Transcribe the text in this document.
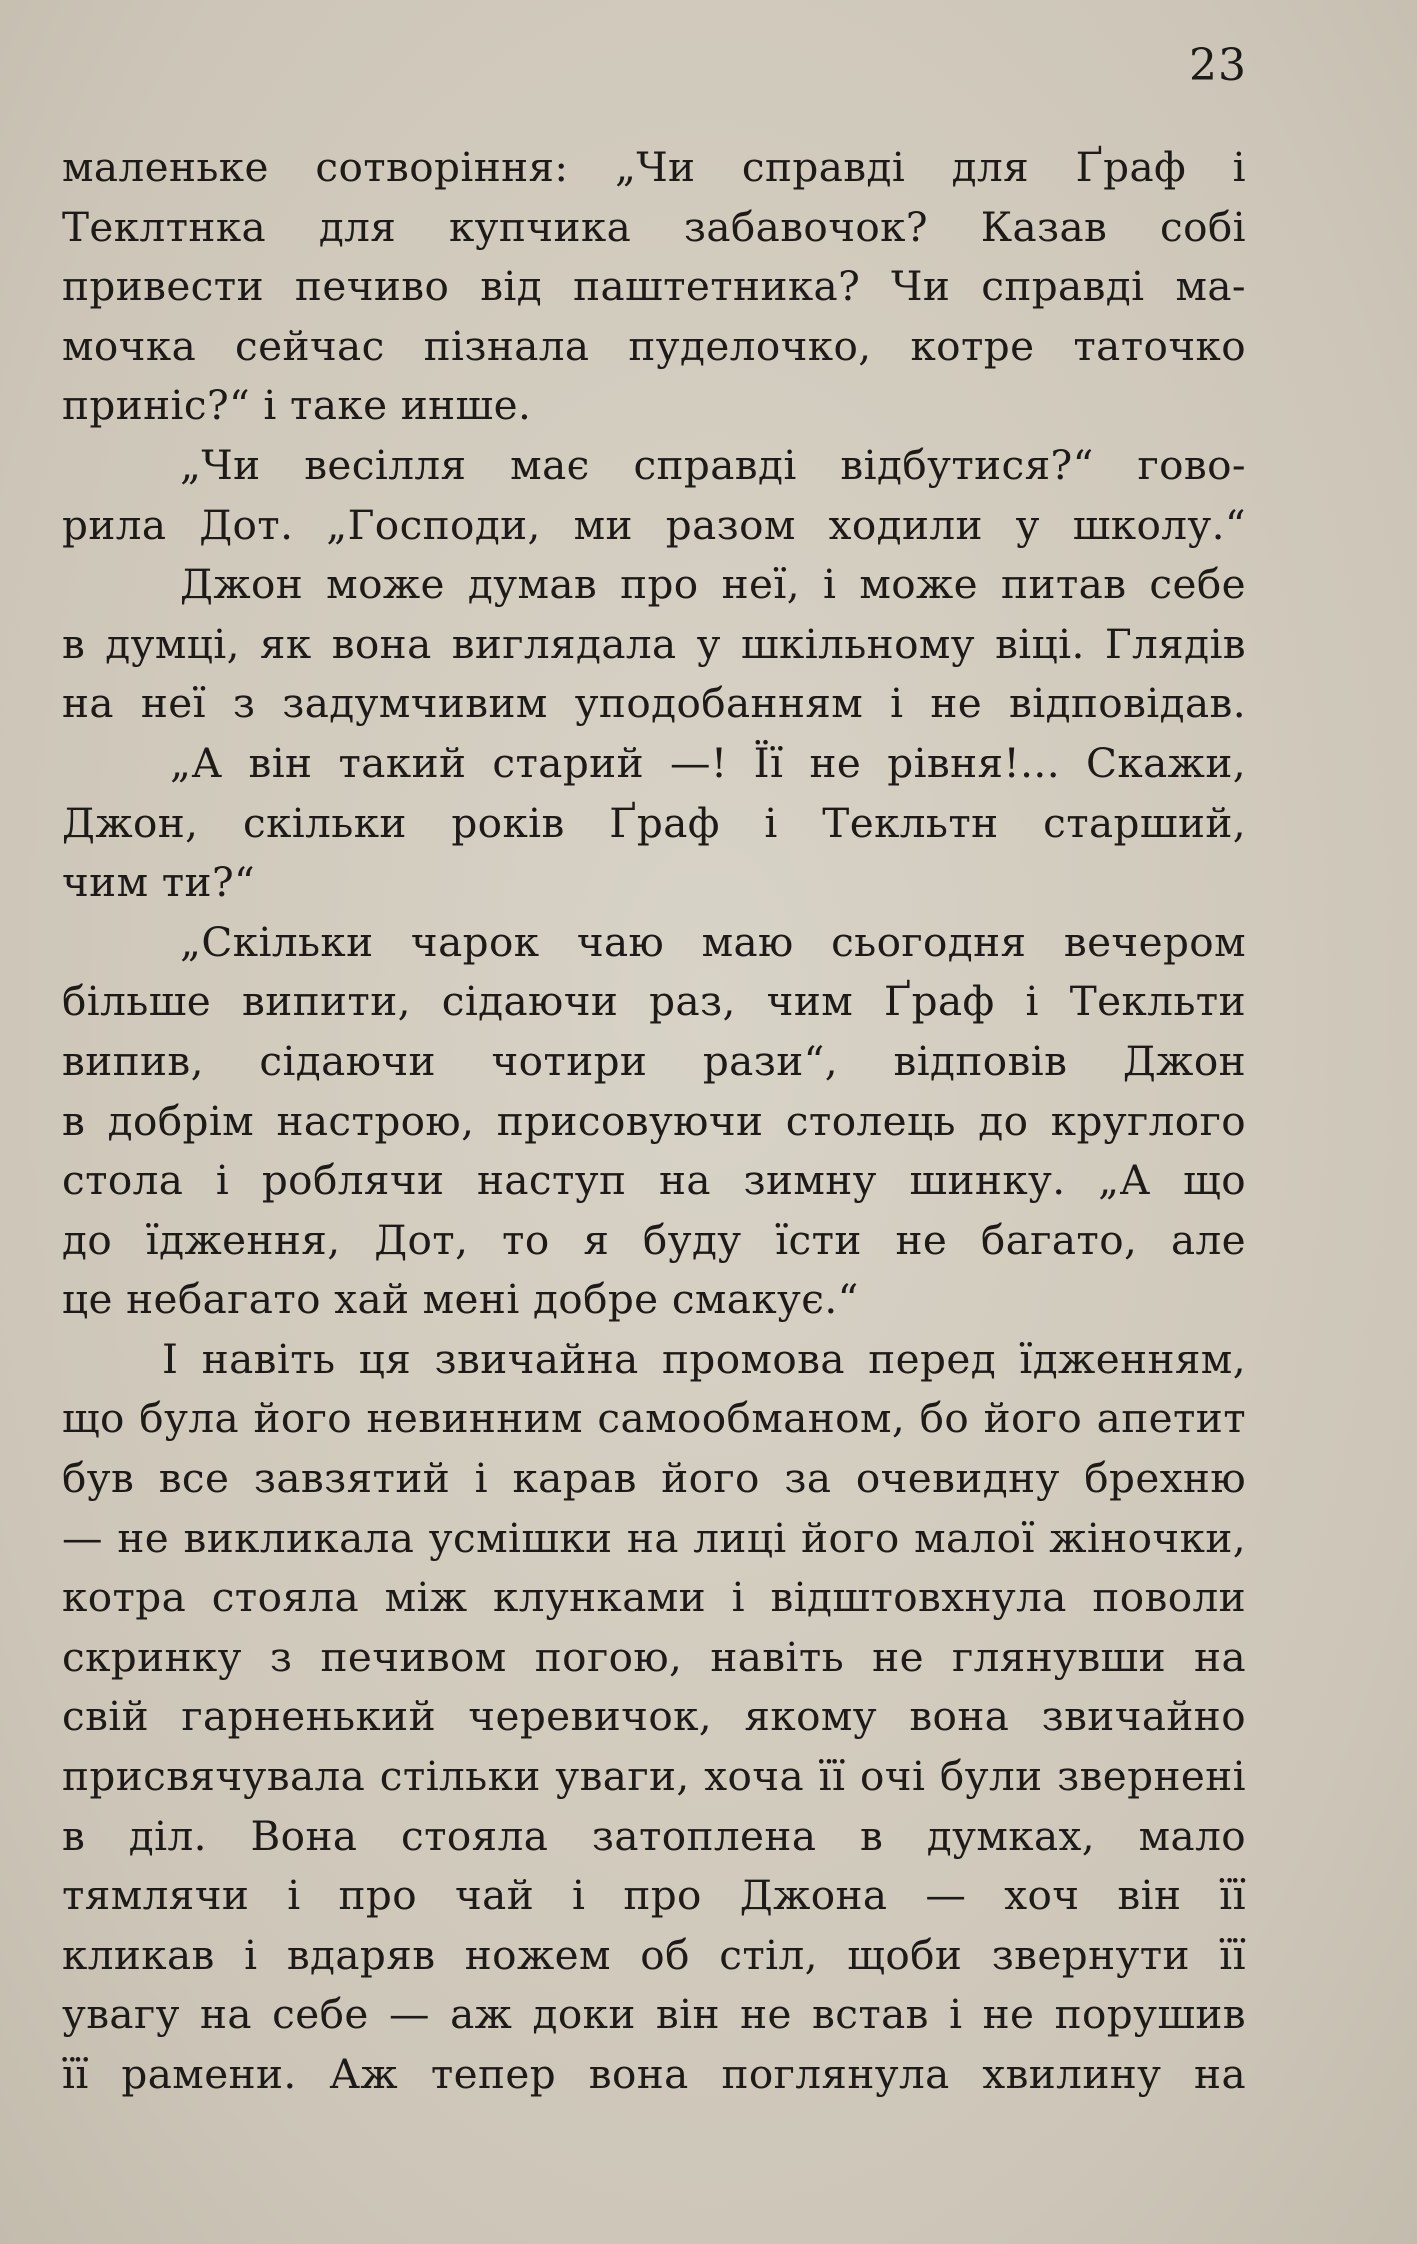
23
маленьке сотворіння: „Чи справді для Ґраф і
Теклтнка для купчика забавочок? Казав собі
привести печиво від паштетника? Чи справді ма-
мочка сейчас пізнала пуделочко, котре таточко
приніс?“ і таке инше.
„Чи весілля має справді відбутися?“ гово-
рила Дот. „Господи, ми разом ходили у школу.“
Джон може думав про неї, і може питав себе
в думці, як вона виглядала у шкільному віці. Глядів
на неї з задумчивим уподобанням і не відповідав.
„А він такий старий —! Її не рівня!... Скажи,
Джон, скільки років Ґраф і Текльтн старший,
чим ти?“
„Скільки чарок чаю маю сьогодня вечером
більше випити, сідаючи раз, чим Ґраф і Текльти
випив, сідаючи чотири рази“, відповів Джон
в добрім настрою, присовуючи столець до круглого
стола і роблячи наступ на зимну шинку. „А що
до їдження, Дот, то я буду їсти не багато, але
це небагато хай мені добре смакує.“
І навіть ця звичайна промова перед їдженням,
що була його невинним самообманом, бо його апетит
був все завзятий і карав його за очевидну брехню
— не викликала усмішки на лиці його малої жіночки,
котра стояла між клунками і відштовхнула поволи
скринку з печивом погою, навіть не глянувши на
свій гарненький черевичок, якому вона звичайно
присвячувала стільки уваги, хоча її очі були звернені
в діл. Вона стояла затоплена в думках, мало
тямлячи і про чай і про Джона — хоч він її
кликав і вдаряв ножем об стіл, щоби звернути її
увагу на себе — аж доки він не встав і не порушив
її рамени. Аж тепер вона поглянула хвилину на
